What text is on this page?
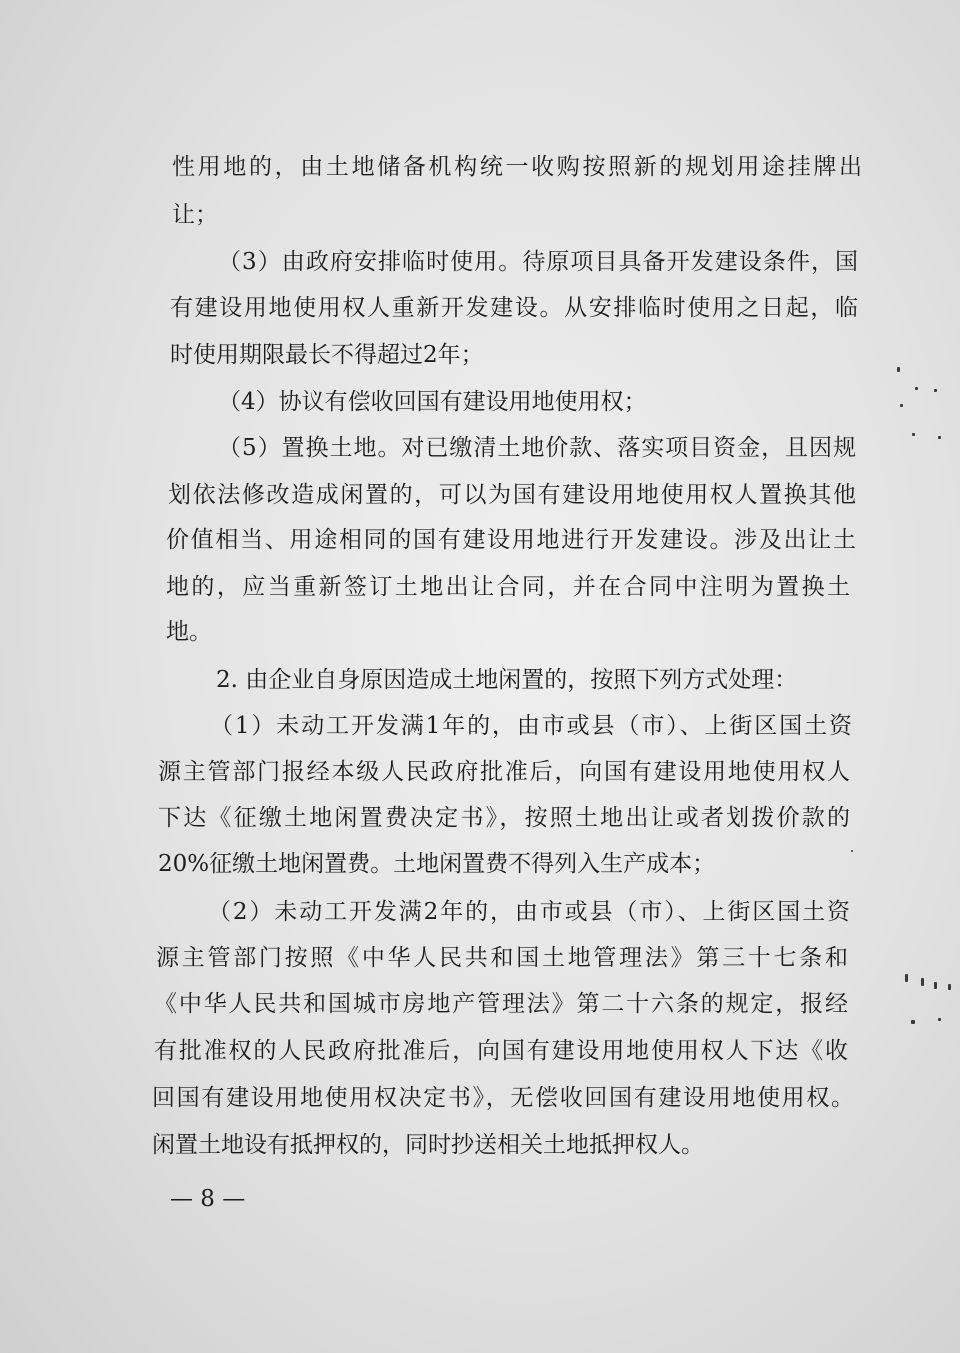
性用地的，由土地储备机构统一收购按照新的规划用途挂牌出
让；
（3）由政府安排临时使用。待原项目具备开发建设条件，国
有建设用地使用权人重新开发建设。从安排临时使用之日起，临
时使用期限最长不得超过2年；
（4）协议有偿收回国有建设用地使用权；
（5）置换土地。对已缴清土地价款、落实项目资金，且因规
划依法修改造成闲置的，可以为国有建设用地使用权人置换其他
价值相当、用途相同的国有建设用地进行开发建设。涉及出让土
地的，应当重新签订土地出让合同，并在合同中注明为置换土
地。
2. 由企业自身原因造成土地闲置的，按照下列方式处理：
（1）未动工开发满1年的，由市或县（市）、上街区国土资
源主管部门报经本级人民政府批准后，向国有建设用地使用权人
下达《征缴土地闲置费决定书》，按照土地出让或者划拨价款的
20%征缴土地闲置费。土地闲置费不得列入生产成本；
（2）未动工开发满2年的，由市或县（市）、上街区国土资
源主管部门按照《中华人民共和国土地管理法》第三十七条和
《中华人民共和国城市房地产管理法》第二十六条的规定，报经
有批准权的人民政府批准后，向国有建设用地使用权人下达《收
回国有建设用地使用权决定书》，无偿收回国有建设用地使用权。
闲置土地设有抵押权的，同时抄送相关土地抵押权人。
— 8 —
